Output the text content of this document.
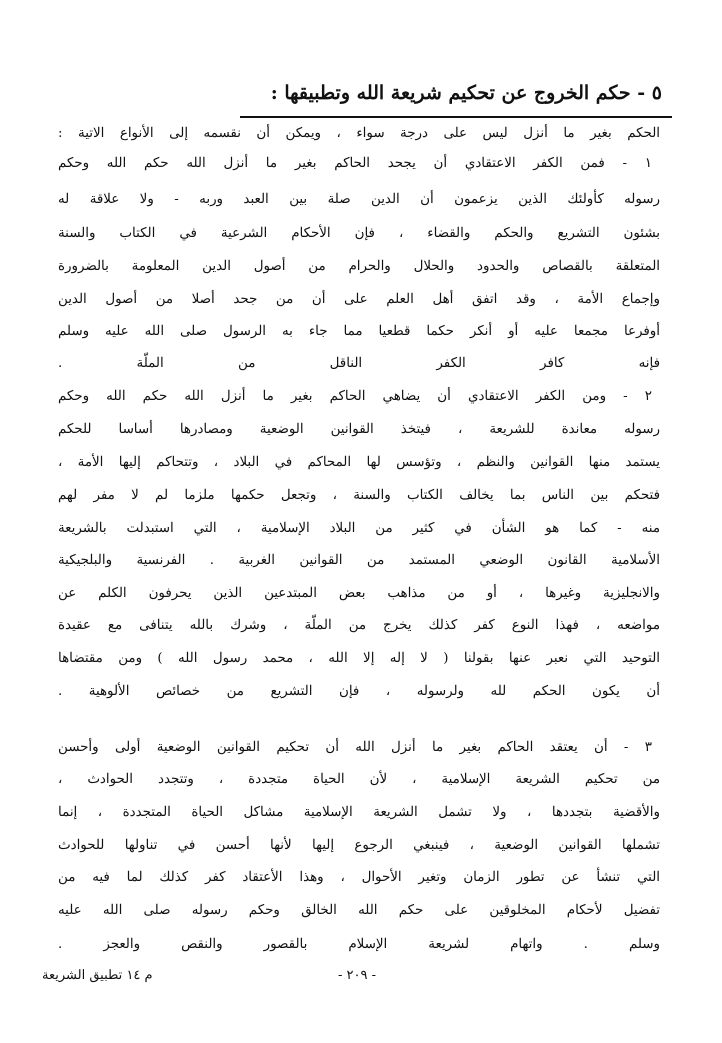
٥ - حكم الخروج عن تحكيم شريعة الله وتطبيقها :
الحكم بغير ما أنزل ليس على درجة سواء ، ويمكن أن نقسمه إلى الأنواع الاتية :
١ - فمن الكفر الاعتقادي أن يجحد الحاكم بغير ما أنزل الله حكم الله وحكم
رسوله كأولئك الذين يزعمون أن الدين صلة بين العبد وربه - ولا علاقة له
بشئون التشريع والحكم والقضاء ، فإن الأحكام الشرعية في الكتاب والسنة
المتعلقة بالقصاص والحدود والحلال والحرام من أصول الدين المعلومة بالضرورة
وإجماع الأمة ، وقد اتفق أهل العلم على أن من جحد أصلا من أصول الدين
أوفرعا مجمعا عليه أو أنكر حكما قطعيا مما جاء به الرسول صلى الله عليه وسلم
فإنه كافر الكفر الناقل من الملّة .
٢ - ومن الكفر الاعتقادي أن يضاهي الحاكم بغير ما أنزل الله حكم الله وحكم
رسوله معاندة للشريعة ، فيتخذ القوانين الوضعية ومصادرها أساسا للحكم
يستمد منها القوانين والنظم ، وتؤسس لها المحاكم في البلاد ، وتتحاكم إليها الأمة ،
فتحكم بين الناس بما يخالف الكتاب والسنة ، وتجعل حكمها ملزما لم لا مفر لهم
منه - كما هو الشأن في كثير من البلاد الإسلامية ، التي استبدلت بالشريعة
الأسلامية القانون الوضعي المستمد من القوانين الغربية . الفرنسية والبلجيكية
والانجليزية وغيرها ، أو من مذاهب بعض المبتدعين الذين يحرفون الكلم عن
مواضعه ، فهذا النوع كفر كذلك يخرج من الملّة ، وشرك بالله يتنافى مع عقيدة
التوحيد التي نعبر عنها بقولنا ( لا إله إلا الله ، محمد رسول الله ) ومن مقتضاها
أن يكون الحكم لله ولرسوله ، فإن التشريع من خصائص الألوهية .
٣ - أن يعتقد الحاكم بغير ما أنزل الله أن تحكيم القوانين الوضعية أولى وأحسن
من تحكيم الشريعة الإسلامية ، لأن الحياة متجددة ، وتتجدد الحوادث ،
والأقضية بتجددها ، ولا تشمل الشريعة الإسلامية مشاكل الحياة المتجددة ، إنما
تشملها القوانين الوضعية ، فينبغي الرجوع إليها لأنها أحسن في تناولها للحوادث
التي تنشأ عن تطور الزمان وتغير الأحوال ، وهذا الأعتقاد كفر كذلك لما فيه من
تفضيل لأحكام المخلوقين على حكم الله الخالق وحكم رسوله صلى الله عليه
وسلم . واتهام لشريعة الإسلام بالقصور والنقص والعجز .
- ٢٠٩ -
م ١٤ تطبيق الشريعة
